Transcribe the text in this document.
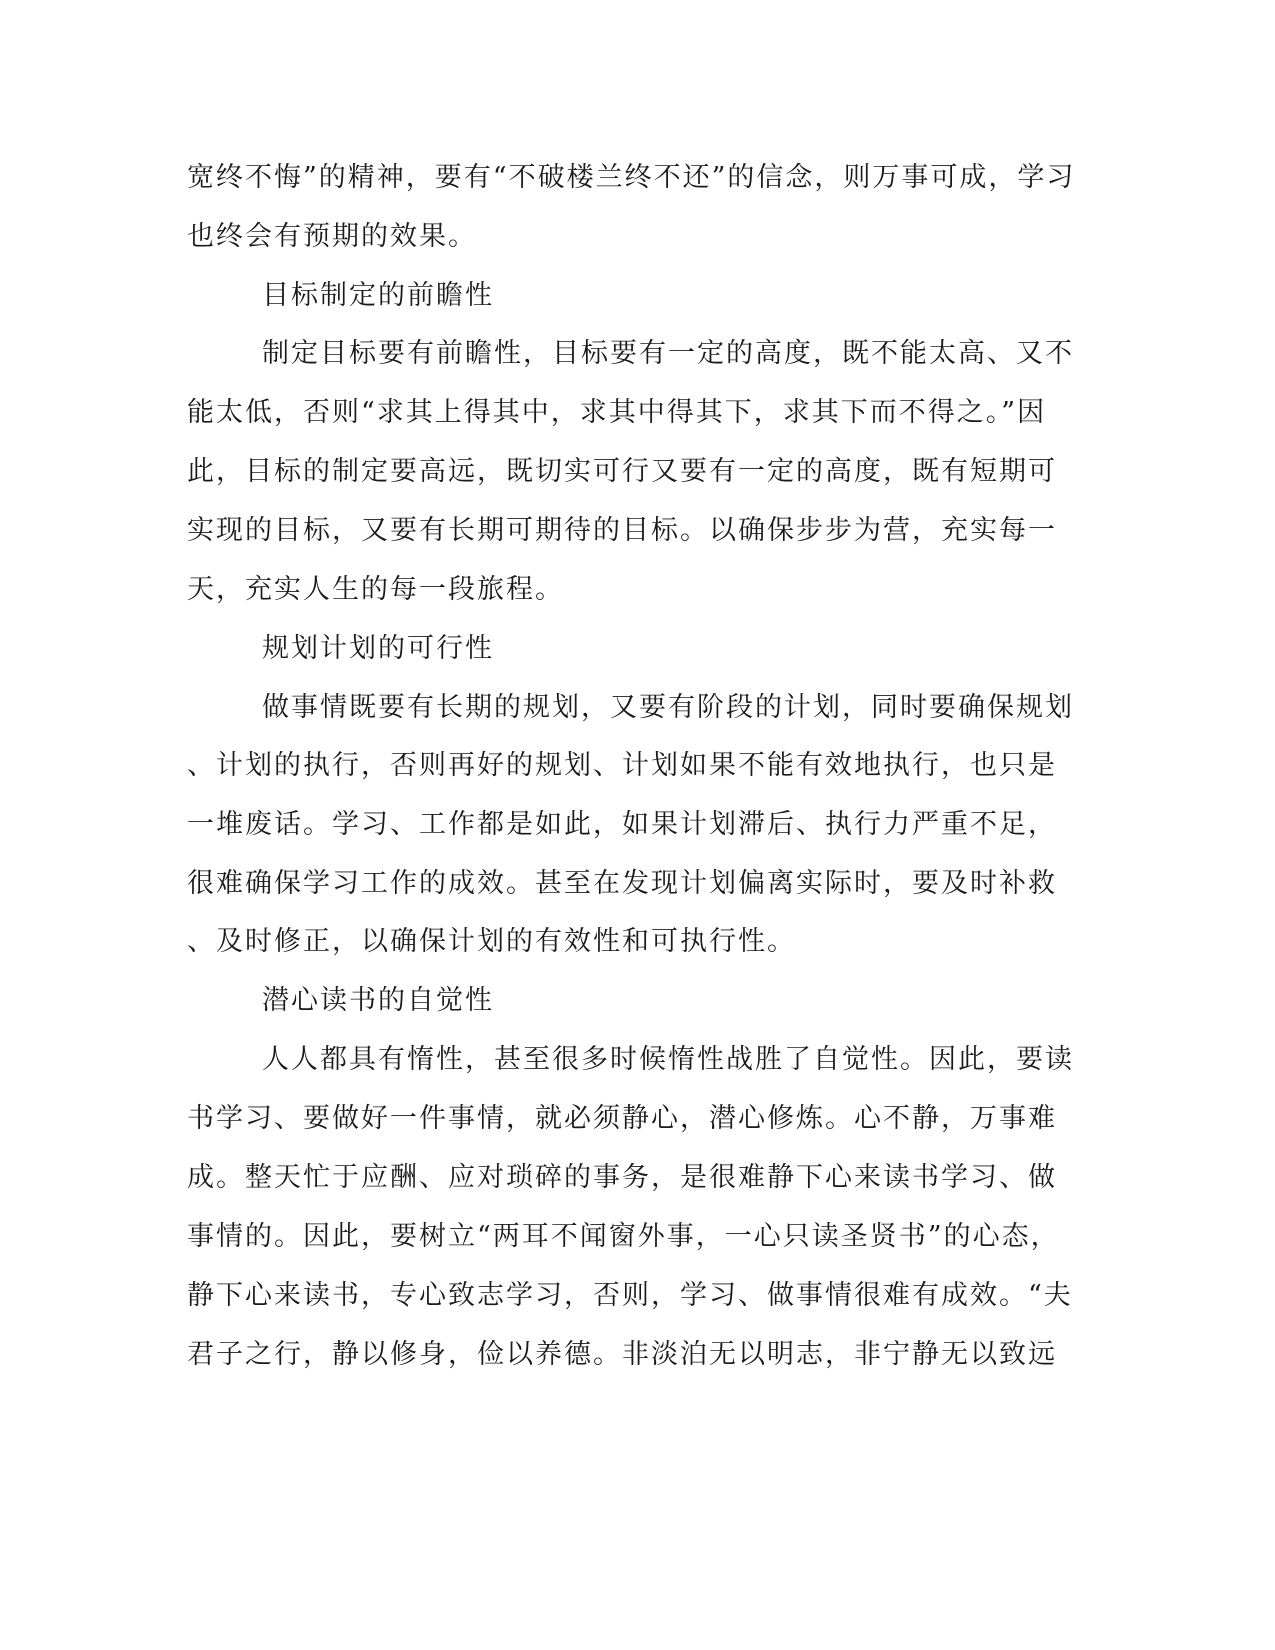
宽终不悔”的精神，要有“不破楼兰终不还”的信念，则万事可成，学习
也终会有预期的效果。
目标制定的前瞻性
制定目标要有前瞻性，目标要有一定的高度，既不能太高、又不
能太低，否则“求其上得其中，求其中得其下，求其下而不得之。”因
此，目标的制定要高远，既切实可行又要有一定的高度，既有短期可
实现的目标，又要有长期可期待的目标。以确保步步为营，充实每一
天，充实人生的每一段旅程。
规划计划的可行性
做事情既要有长期的规划，又要有阶段的计划，同时要确保规划
、计划的执行，否则再好的规划、计划如果不能有效地执行，也只是
一堆废话。学习、工作都是如此，如果计划滞后、执行力严重不足，
很难确保学习工作的成效。甚至在发现计划偏离实际时，要及时补救
、及时修正，以确保计划的有效性和可执行性。
潜心读书的自觉性
人人都具有惰性，甚至很多时候惰性战胜了自觉性。因此，要读
书学习、要做好一件事情，就必须静心，潜心修炼。心不静，万事难
成。整天忙于应酬、应对琐碎的事务，是很难静下心来读书学习、做
事情的。因此，要树立“两耳不闻窗外事，一心只读圣贤书”的心态，
静下心来读书，专心致志学习，否则，学习、做事情很难有成效。“夫
君子之行，静以修身，俭以养德。非淡泊无以明志，非宁静无以致远
